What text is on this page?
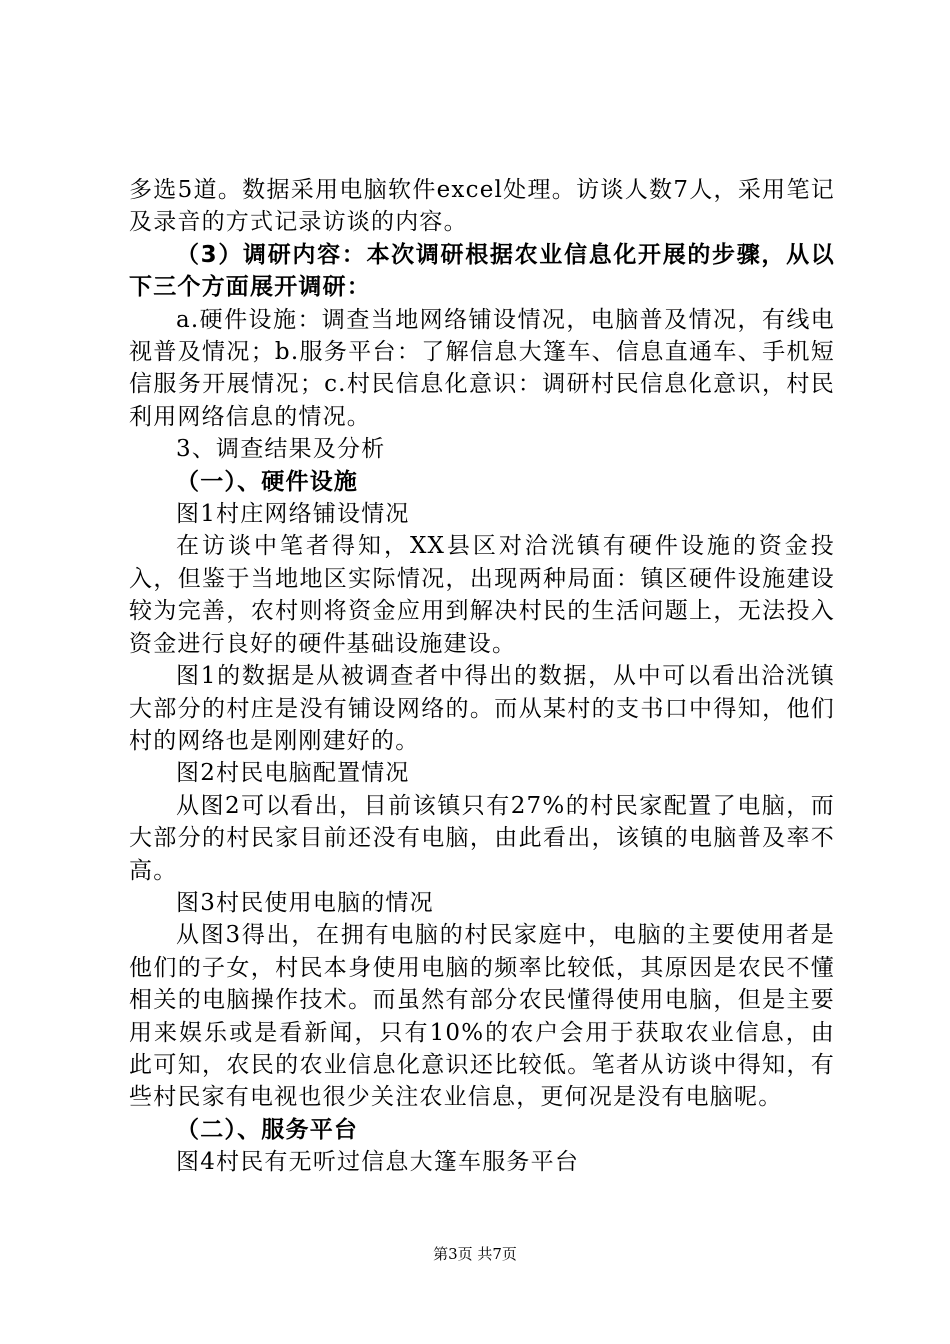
多选5道。数据采用电脑软件excel处理。访谈人数7人，采用笔记及录音的方式记录访谈的内容。

（3）调研内容：本次调研根据农业信息化开展的步骤，从以下三个方面展开调研：

a.硬件设施：调查当地网络铺设情况，电脑普及情况，有线电视普及情况；b.服务平台：了解信息大篷车、信息直通车、手机短信服务开展情况；c.村民信息化意识：调研村民信息化意识，村民利用网络信息的情况。

3、调查结果及分析

（一）、硬件设施

图1村庄网络铺设情况

在访谈中笔者得知，XX县区对洽洸镇有硬件设施的资金投入，但鉴于当地地区实际情况，出现两种局面：镇区硬件设施建设较为完善，农村则将资金应用到解决村民的生活问题上，无法投入资金进行良好的硬件基础设施建设。

图1的数据是从被调查者中得出的数据，从中可以看出洽洸镇大部分的村庄是没有铺设网络的。而从某村的支书口中得知，他们村的网络也是刚刚建好的。

图2村民电脑配置情况

从图2可以看出，目前该镇只有27%的村民家配置了电脑，而大部分的村民家目前还没有电脑，由此看出，该镇的电脑普及率不高。

图3村民使用电脑的情况

从图3得出，在拥有电脑的村民家庭中，电脑的主要使用者是他们的子女，村民本身使用电脑的频率比较低，其原因是农民不懂相关的电脑操作技术。而虽然有部分农民懂得使用电脑，但是主要用来娱乐或是看新闻，只有10%的农户会用于获取农业信息，由此可知，农民的农业信息化意识还比较低。笔者从访谈中得知，有些村民家有电视也很少关注农业信息，更何况是没有电脑呢。

（二）、服务平台

图4村民有无听过信息大篷车服务平台

第3页 共7页
